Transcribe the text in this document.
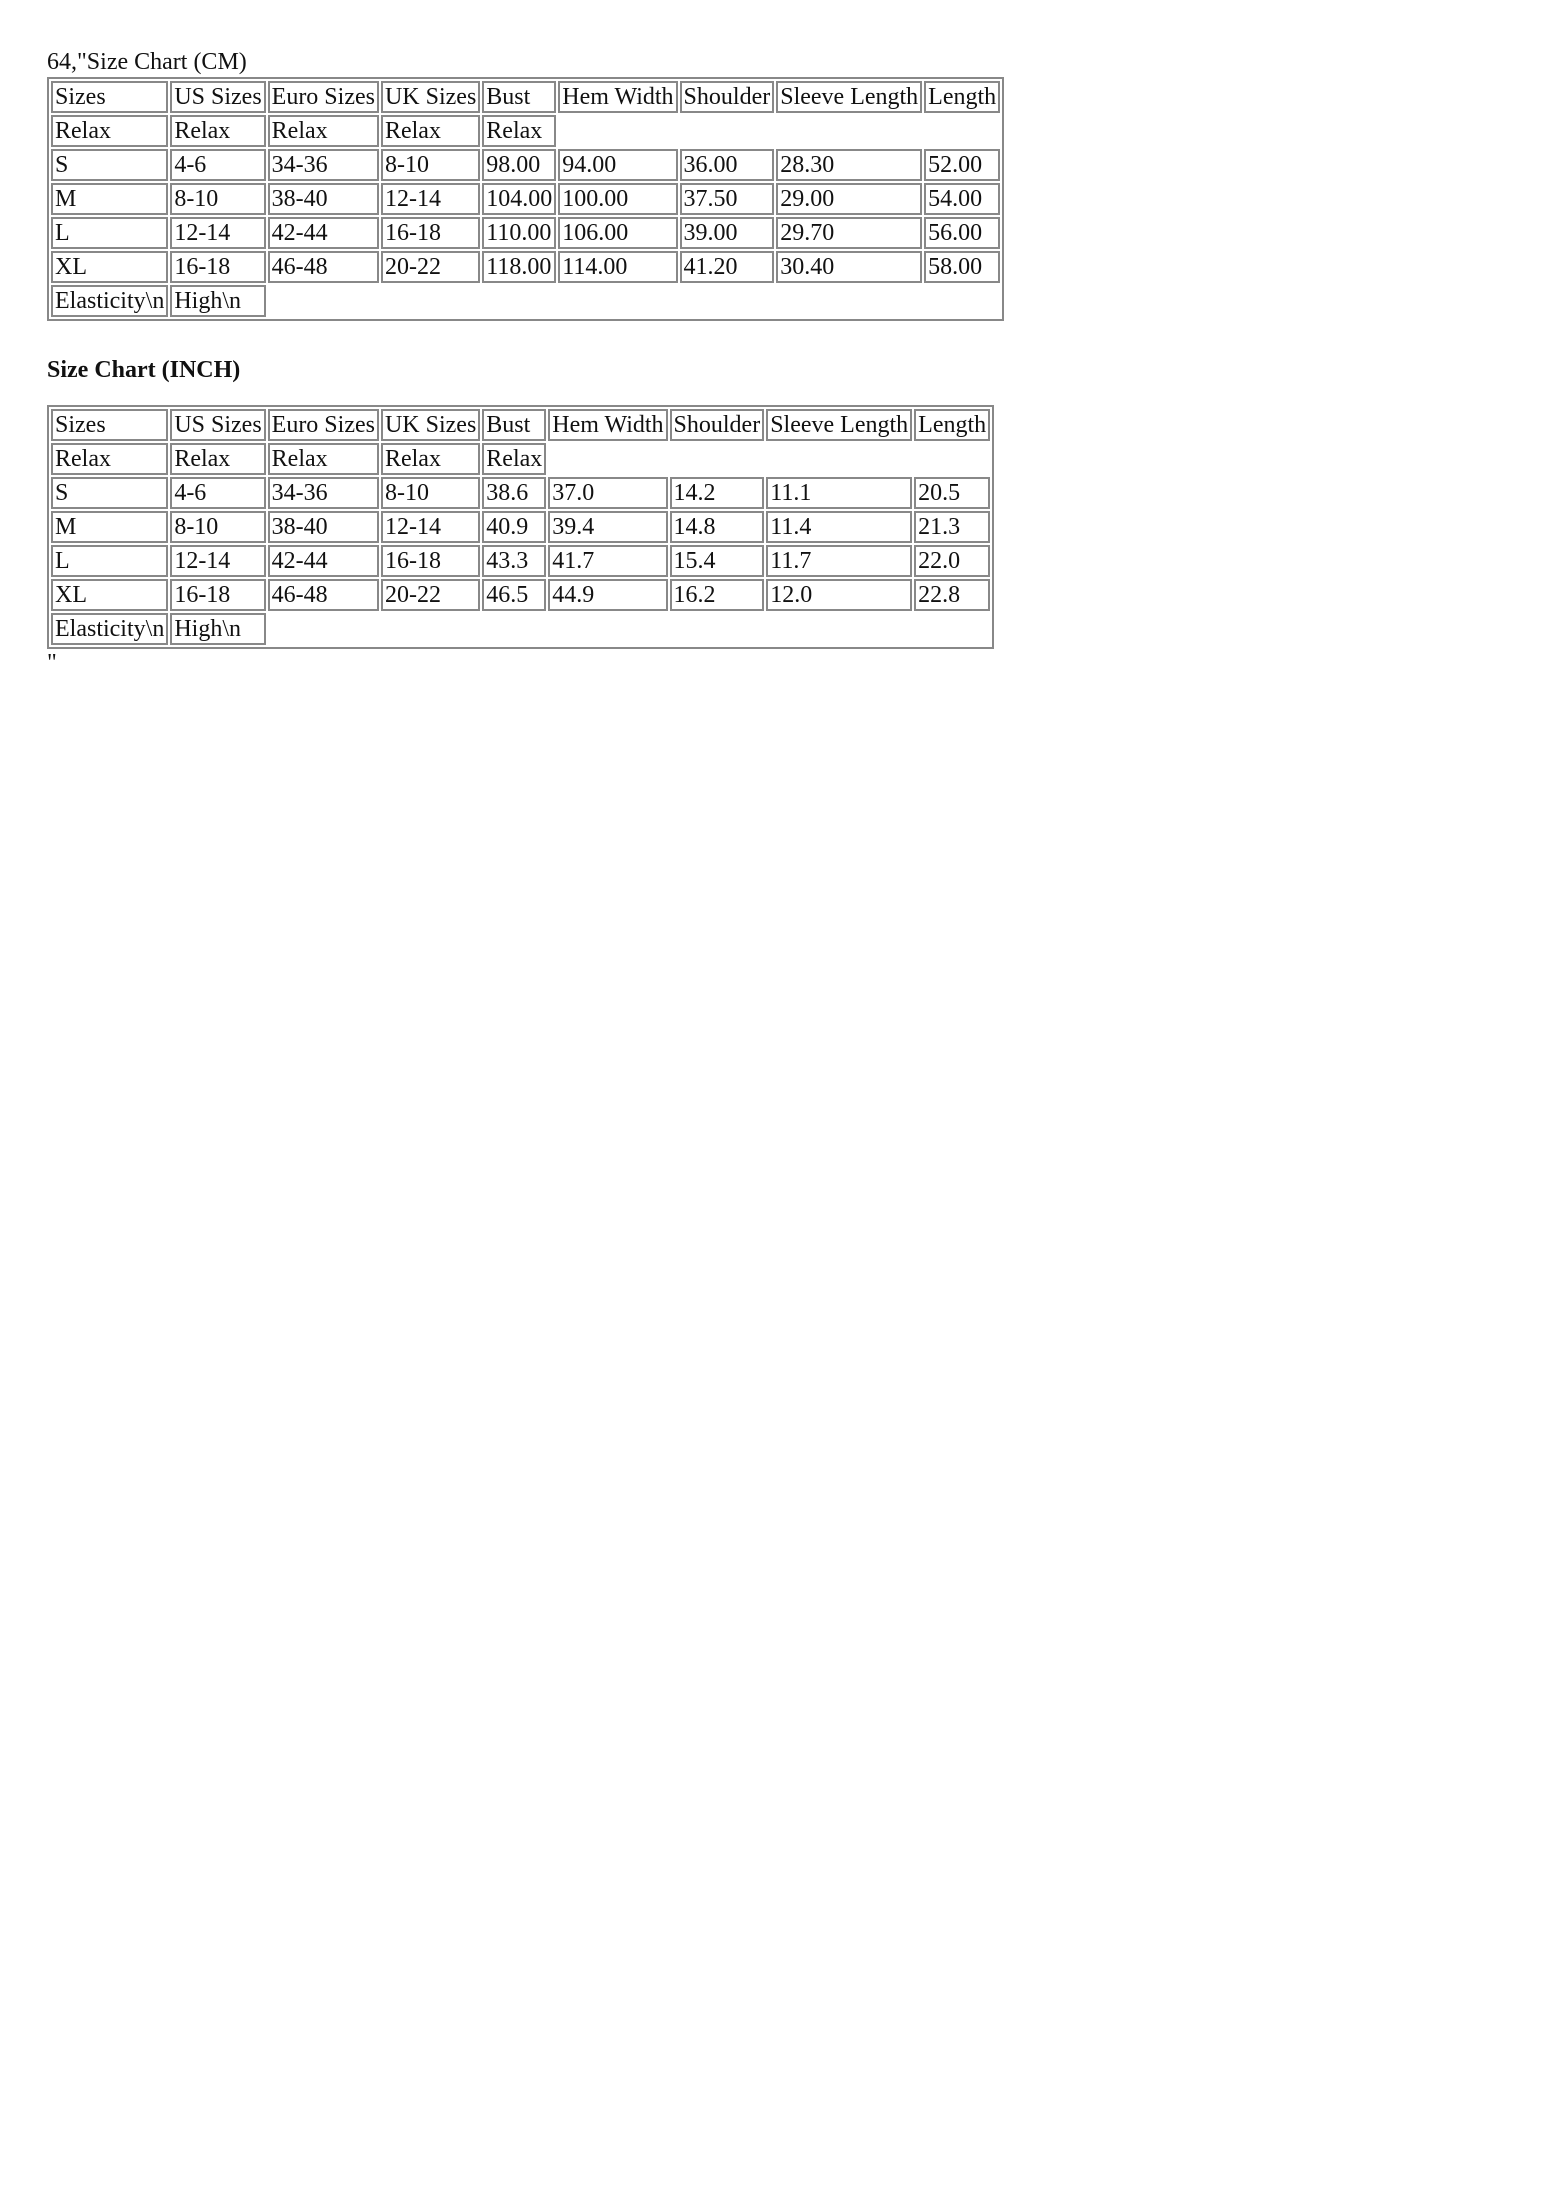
64,"Size Chart (CM)
Sizes	US Sizes	Euro Sizes	UK Sizes	Bust	Hem Width	Shoulder	Sleeve Length	Length
Relax	Relax	Relax	Relax	Relax				
S	4-6	34-36	8-10	98.00	94.00	36.00	28.30	52.00
M	8-10	38-40	12-14	104.00	100.00	37.50	29.00	54.00
L	12-14	42-44	16-18	110.00	106.00	39.00	29.70	56.00
XL	16-18	46-48	20-22	118.00	114.00	41.20	30.40	58.00
Elasticity\n	High\n							
Size Chart (INCH)
Sizes	US Sizes	Euro Sizes	UK Sizes	Bust	Hem Width	Shoulder	Sleeve Length	Length
Relax	Relax	Relax	Relax	Relax				
S	4-6	34-36	8-10	38.6	37.0	14.2	11.1	20.5
M	8-10	38-40	12-14	40.9	39.4	14.8	11.4	21.3
L	12-14	42-44	16-18	43.3	41.7	15.4	11.7	22.0
XL	16-18	46-48	20-22	46.5	44.9	16.2	12.0	22.8
Elasticity\n	High\n							
"
